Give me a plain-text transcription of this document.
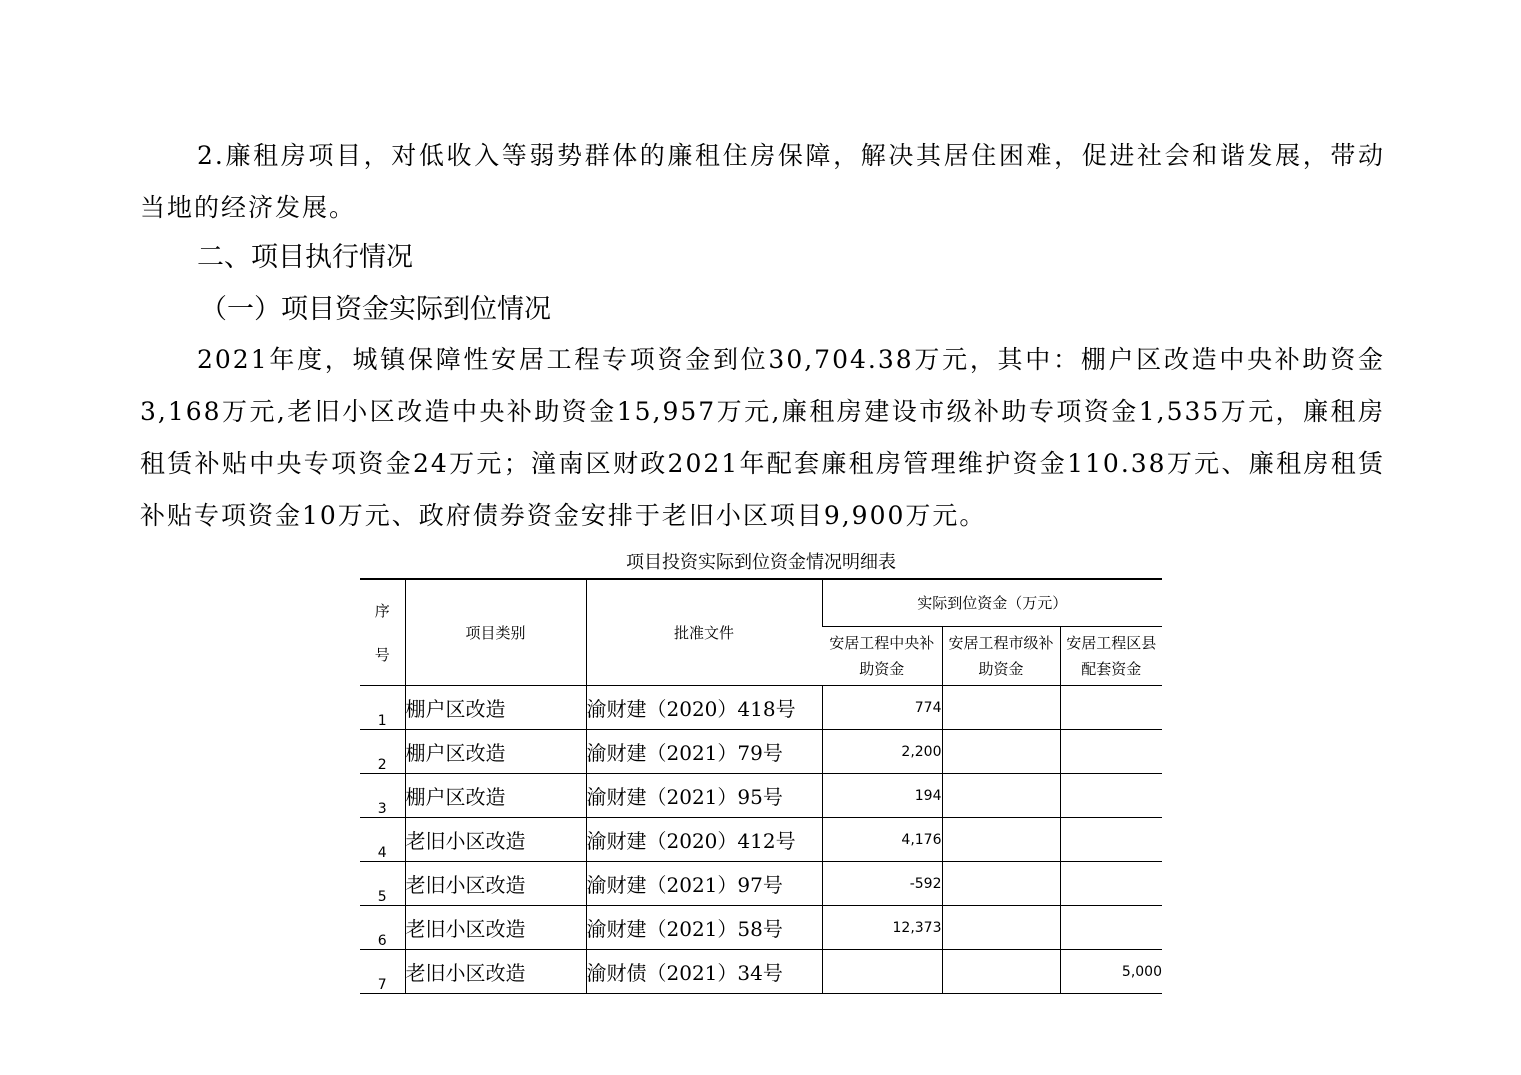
2.廉租房项目，对低收入等弱势群体的廉租住房保障，解决其居住困难，促进社会和谐发展，带动当地的经济发展。

二、项目执行情况
（一）项目资金实际到位情况

2021年度，城镇保障性安居工程专项资金到位30,704.38万元，其中：棚户区改造中央补助资金3,168万元,老旧小区改造中央补助资金15,957万元,廉租房建设市级补助专项资金1,535万元，廉租房租赁补贴中央专项资金24万元；潼南区财政2021年配套廉租房管理维护资金110.38万元、廉租房租赁补贴专项资金10万元、政府债券资金安排于老旧小区项目9,900万元。

项目投资实际到位资金情况明细表
序
号	项目类别	批准文件	实际到位资金（万元）		
			安居工程中央补助资金	安居工程市级补助资金	安居工程区县配套资金
1	棚户区改造	渝财建（2020）418号	774		
2	棚户区改造	渝财建（2021）79号	2,200		
3	棚户区改造	渝财建（2021）95号	194		
4	老旧小区改造	渝财建（2020）412号	4,176		
5	老旧小区改造	渝财建（2021）97号	-592		
6	老旧小区改造	渝财建（2021）58号	12,373		
7	老旧小区改造	渝财债（2021）34号			5,000
